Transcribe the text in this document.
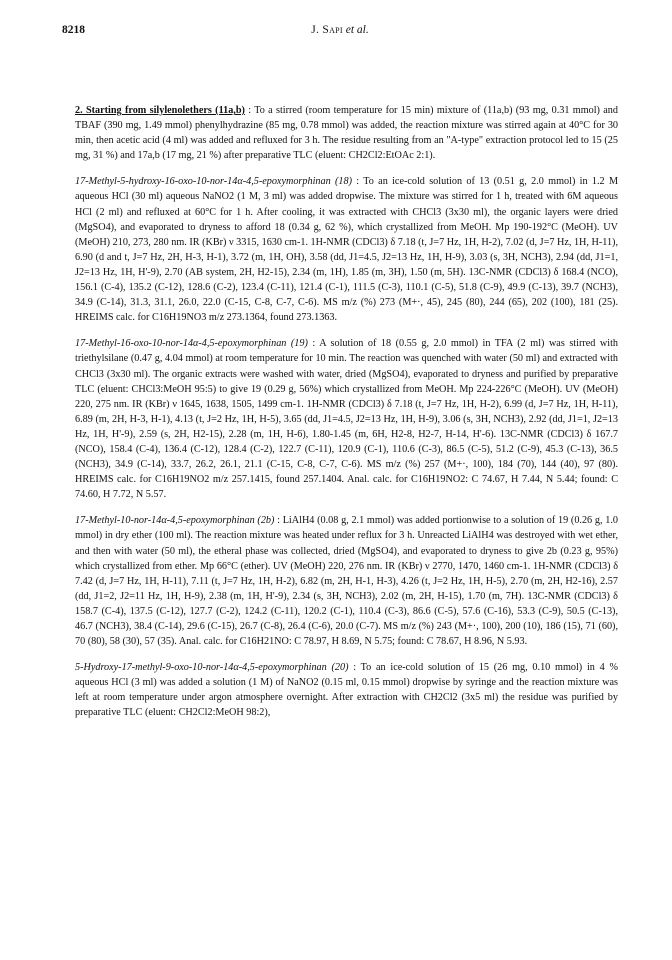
8218	J. Sapi et al.

2. Starting from silylenolethers (11a,b) : To a stirred (room temperature for 15 min) mixture of (11a,b) (93 mg, 0.31 mmol) and TBAF (390 mg, 1.49 mmol) phenylhydrazine (85 mg, 0.78 mmol) was added, the reaction mixture was stirred again at 40°C for 30 min, then acetic acid (4 ml) was added and refluxed for 3 h. The residue resulting from an "A-type" extraction protocol led to 15 (25 mg, 31 %) and 17a,b (17 mg, 21 %) after preparative TLC (eluent: CH2Cl2:EtOAc 2:1).

17-Methyl-5-hydroxy-16-oxo-10-nor-14α-4,5-epoxymorphinan (18) : To an ice-cold solution of 13 (0.51 g, 2.0 mmol) in 1.2 M aqueous HCl (30 ml) aqueous NaNO2 (1 M, 3 ml) was added dropwise. The mixture was stirred for 1 h, treated with 6M aqueous HCl (2 ml) and refluxed at 60°C for 1 h. After cooling, it was extracted with CHCl3 (3x30 ml), the organic layers were dried (MgSO4), and evaporated to dryness to afford 18 (0.34 g, 62 %), which crystallized from MeOH. Mp 190-192°C (MeOH). UV (MeOH) 210, 273, 280 nm. IR (KBr) ν 3315, 1630 cm-1. 1H-NMR (CDCl3) δ 7.18 (t, J=7 Hz, 1H, H-2), 7.02 (d, J=7 Hz, 1H, H-11), 6.90 (d and t, J=7 Hz, 2H, H-3, H-1), 3.72 (m, 1H, OH), 3.58 (dd, J1=4.5, J2=13 Hz, 1H, H-9), 3.03 (s, 3H, NCH3), 2.94 (dd, J1=1, J2=13 Hz, 1H, H'-9), 2.70 (AB system, 2H, H2-15), 2.34 (m, 1H), 1.85 (m, 3H), 1.50 (m, 5H). 13C-NMR (CDCl3) δ 168.4 (NCO), 156.1 (C-4), 135.2 (C-12), 128.6 (C-2), 123.4 (C-11), 121.4 (C-1), 111.5 (C-3), 110.1 (C-5), 51.8 (C-9), 49.9 (C-13), 39.7 (NCH3), 34.9 (C-14), 31.3, 31.1, 26.0, 22.0 (C-15, C-8, C-7, C-6). MS m/z (%) 273 (M+·, 45), 245 (80), 244 (65), 202 (100), 181 (25). HREIMS calc. for C16H19NO3 m/z 273.1364, found 273.1363.

17-Methyl-16-oxo-10-nor-14α-4,5-epoxymorphinan (19) : A solution of 18 (0.55 g, 2.0 mmol) in TFA (2 ml) was stirred with triethylsilane (0.47 g, 4.04 mmol) at room temperature for 10 min. The reaction was quenched with water (50 ml) and extracted with CHCl3 (3x30 ml). The organic extracts were washed with water, dried (MgSO4), evaporated to dryness and purified by preparative TLC (eluent: CHCl3:MeOH 95:5) to give 19 (0.29 g, 56%) which crystallized from MeOH. Mp 224-226°C (MeOH). UV (MeOH) 220, 275 nm. IR (KBr) ν 1645, 1638, 1505, 1499 cm-1. 1H-NMR (CDCl3) δ 7.18 (t, J=7 Hz, 1H, H-2), 6.99 (d, J=7 Hz, 1H, H-11), 6.89 (m, 2H, H-3, H-1), 4.13 (t, J=2 Hz, 1H, H-5), 3.65 (dd, J1=4.5, J2=13 Hz, 1H, H-9), 3.06 (s, 3H, NCH3), 2.92 (dd, J1=1, J2=13 Hz, 1H, H'-9), 2.59 (s, 2H, H2-15), 2.28 (m, 1H, H-6), 1.80-1.45 (m, 6H, H2-8, H2-7, H-14, H'-6). 13C-NMR (CDCl3) δ 167.7 (NCO), 158.4 (C-4), 136.4 (C-12), 128.4 (C-2), 122.7 (C-11), 120.9 (C-1), 110.6 (C-3), 86.5 (C-5), 51.2 (C-9), 45.3 (C-13), 36.5 (NCH3), 34.9 (C-14), 33.7, 26.2, 26.1, 21.1 (C-15, C-8, C-7, C-6). MS m/z (%) 257 (M+·, 100), 184 (70), 144 (40), 97 (80). HREIMS calc. for C16H19NO2 m/z 257.1415, found 257.1404. Anal. calc. for C16H19NO2: C 74.67, H 7.44, N 5.44; found: C 74.60, H 7.72, N 5.57.

17-Methyl-10-nor-14α-4,5-epoxymorphinan (2b) : LiAlH4 (0.08 g, 2.1 mmol) was added portionwise to a solution of 19 (0.26 g, 1.0 mmol) in dry ether (100 ml). The reaction mixture was heated under reflux for 3 h. Unreacted LiAlH4 was destroyed with wet ether, and then with water (50 ml), the etheral phase was collected, dried (MgSO4), and evaporated to dryness to give 2b (0.23 g, 95%) which crystallized from ether. Mp 66°C (ether). UV (MeOH) 220, 276 nm. IR (KBr) ν 2770, 1470, 1460 cm-1. 1H-NMR (CDCl3) δ 7.42 (d, J=7 Hz, 1H, H-11), 7.11 (t, J=7 Hz, 1H, H-2), 6.82 (m, 2H, H-1, H-3), 4.26 (t, J=2 Hz, 1H, H-5), 2.70 (m, 2H, H2-16), 2.57 (dd, J1=2, J2=11 Hz, 1H, H-9), 2.38 (m, 1H, H'-9), 2.34 (s, 3H, NCH3), 2.02 (m, 2H, H-15), 1.70 (m, 7H). 13C-NMR (CDCl3) δ 158.7 (C-4), 137.5 (C-12), 127.7 (C-2), 124.2 (C-11), 120.2 (C-1), 110.4 (C-3), 86.6 (C-5), 57.6 (C-16), 53.3 (C-9), 50.5 (C-13), 46.7 (NCH3), 38.4 (C-14), 29.6 (C-15), 26.7 (C-8), 26.4 (C-6), 20.0 (C-7). MS m/z (%) 243 (M+·, 100), 200 (10), 186 (15), 71 (60), 70 (80), 58 (30), 57 (35). Anal. calc. for C16H21NO: C 78.97, H 8.69, N 5.75; found: C 78.67, H 8.96, N 5.93.

5-Hydroxy-17-methyl-9-oxo-10-nor-14α-4,5-epoxymorphinan (20) : To an ice-cold solution of 15 (26 mg, 0.10 mmol) in 4 % aqueous HCl (3 ml) was added a solution (1 M) of NaNO2 (0.15 ml, 0.15 mmol) dropwise by syringe and the reaction mixture was left at room temperature under argon atmosphere overnight. After extraction with CH2Cl2 (3x5 ml) the residue was purified by preparative TLC (eluent: CH2Cl2:MeOH 98:2),
